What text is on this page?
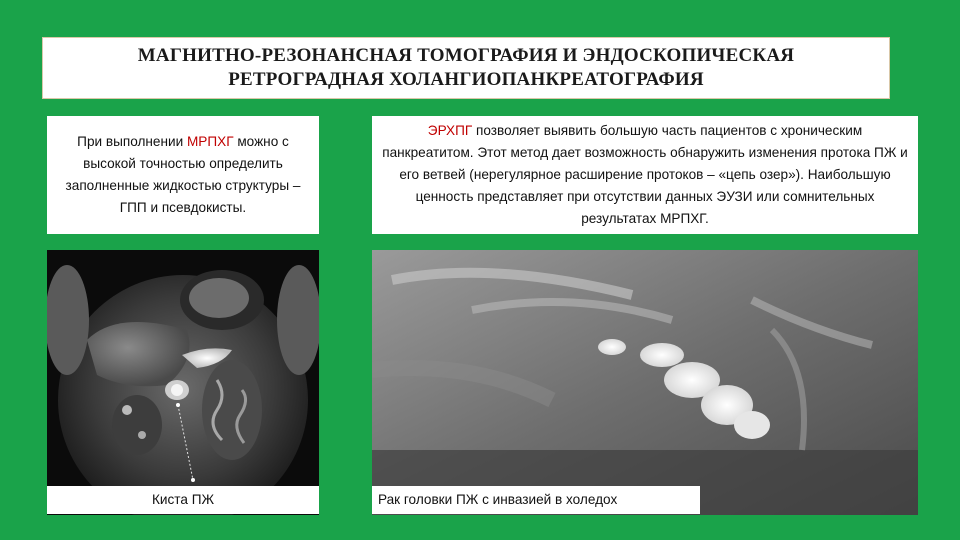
МАГНИТНО-РЕЗОНАНСНАЯ ТОМОГРАФИЯ И ЭНДОСКОПИЧЕСКАЯ
РЕТРОГРАДНАЯ ХОЛАНГИОПАНКРЕАТОГРАФИЯ
При выполнении МРПХГ можно с высокой точностью определить заполненные жидкостью структуры – ГПП и псевдокисты.
ЭРХПГ позволяет выявить большую часть пациентов с хроническим панкреатитом. Этот метод дает возможность обнаружить изменения протока ПЖ и его ветвей (нерегулярное расширение протоков – «цепь озер»). Наибольшую ценность представляет при отсутствии данных ЭУЗИ или сомнительных результатах МРПХГ.
Киста ПЖ	Рак головки ПЖ с инвазией в холедох
